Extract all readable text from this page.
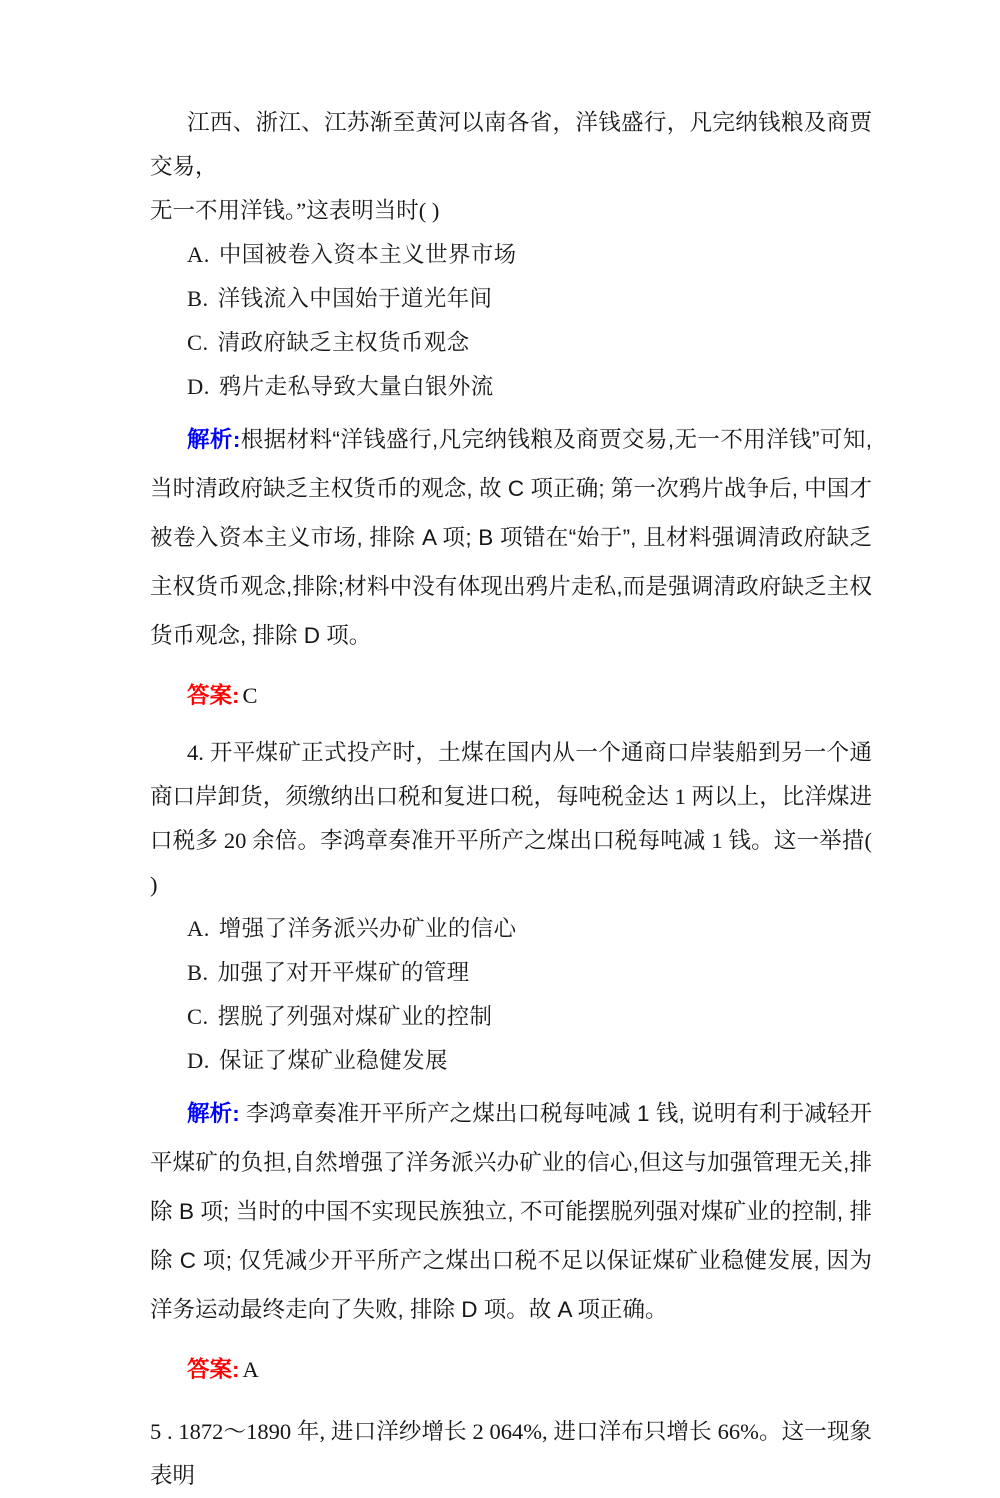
江西、浙江、江苏渐至黄河以南各省，洋钱盛行，凡完纳钱粮及商贾交易，

无一不用洋钱。”这表明当时( )

A. 中国被卷入资本主义世界市场
B. 洋钱流入中国始于道光年间
C. 清政府缺乏主权货币观念
D. 鸦片走私导致大量白银外流

解析:根据材料“洋钱盛行,凡完纳钱粮及商贾交易,无一不用洋钱”可知,当时清政府缺乏主权货币的观念, 故 C 项正确; 第一次鸦片战争后, 中国才被卷入资本主义市场, 排除 A 项; B 项错在“始于”, 且材料强调清政府缺乏主权货币观念,排除;材料中没有体现出鸦片走私,而是强调清政府缺乏主权货币观念, 排除 D 项。

答案: C

4. 开平煤矿正式投产时，土煤在国内从一个通商口岸装船到另一个通商口岸卸货，须缴纳出口税和复进口税，每吨税金达 1 两以上，比洋煤进口税多 20 余倍。李鸿章奏准开平所产之煤出口税每吨减 1 钱。这一举措( )

A. 增强了洋务派兴办矿业的信心
B. 加强了对开平煤矿的管理
C. 摆脱了列强对煤矿业的控制
D. 保证了煤矿业稳健发展

解析: 李鸿章奏准开平所产之煤出口税每吨减 1 钱, 说明有利于减轻开平煤矿的负担,自然增强了洋务派兴办矿业的信心,但这与加强管理无关,排除 B 项; 当时的中国不实现民族独立, 不可能摆脱列强对煤矿业的控制, 排除 C 项; 仅凭减少开平所产之煤出口税不足以保证煤矿业稳健发展, 因为洋务运动最终走向了失败, 排除 D 项。故 A 项正确。

答案: A

5 . 1872～1890 年, 进口洋纱增长 2 064%, 进口洋布只增长 66%。这一现象表明
